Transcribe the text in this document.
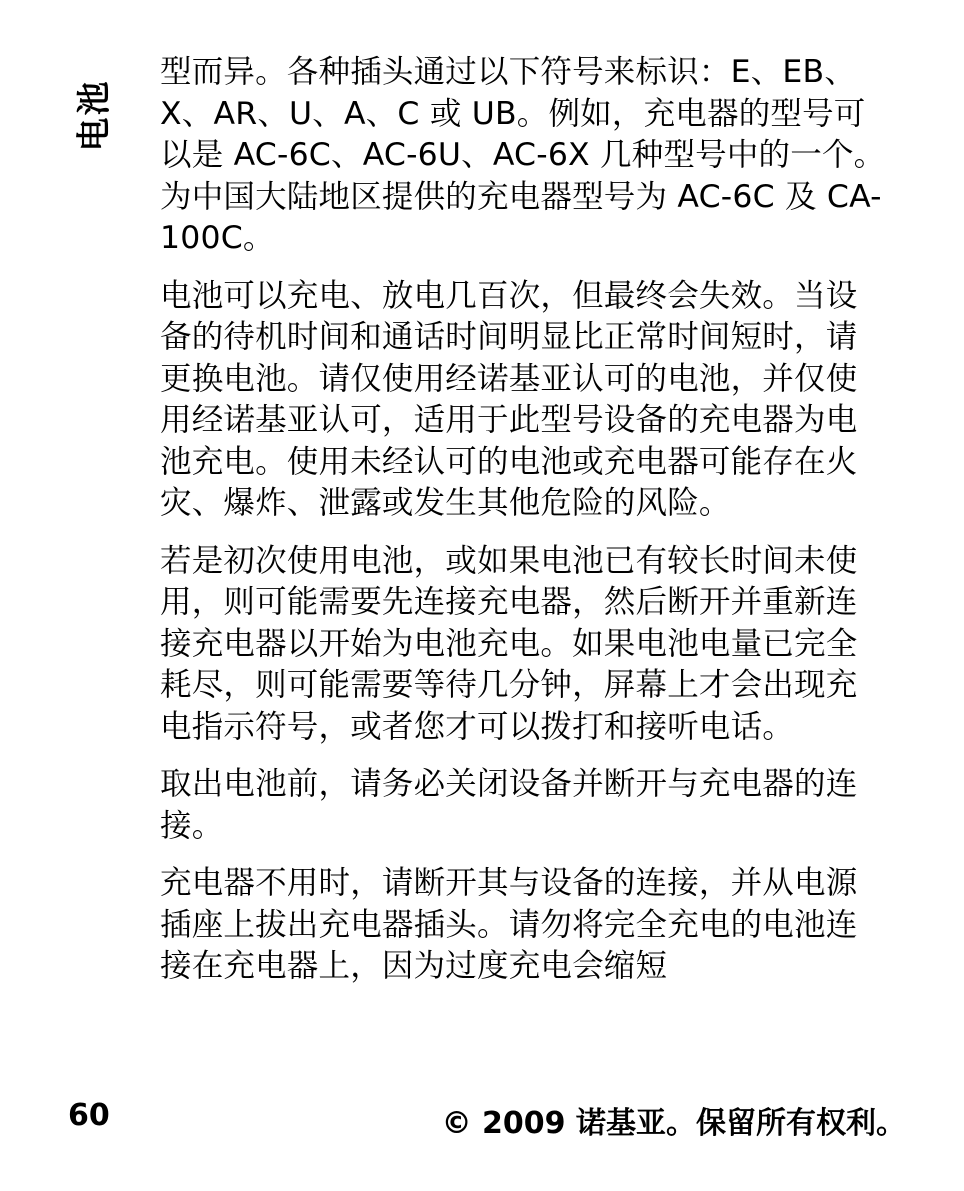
电池

型而异。各种插头通过以下符号来标识：E、EB、X、AR、U、A、C 或 UB。例如，充电器的型号可以是 AC-6C、AC-6U、AC-6X 几种型号中的一个。为中国大陆地区提供的充电器型号为 AC-6C 及 CA-100C。

电池可以充电、放电几百次，但最终会失效。当设备的待机时间和通话时间明显比正常时间短时，请更换电池。请仅使用经诺基亚认可的电池，并仅使用经诺基亚认可，适用于此型号设备的充电器为电池充电。使用未经认可的电池或充电器可能存在火灾、爆炸、泄露或发生其他危险的风险。

若是初次使用电池，或如果电池已有较长时间未使用，则可能需要先连接充电器，然后断开并重新连接充电器以开始为电池充电。如果电池电量已完全耗尽，则可能需要等待几分钟，屏幕上才会出现充电指示符号，或者您才可以拨打和接听电话。

取出电池前，请务必关闭设备并断开与充电器的连接。

充电器不用时，请断开其与设备的连接，并从电源插座上拔出充电器插头。请勿将完全充电的电池连接在充电器上，因为过度充电会缩短

60	© 2009 诺基亚。保留所有权利。
